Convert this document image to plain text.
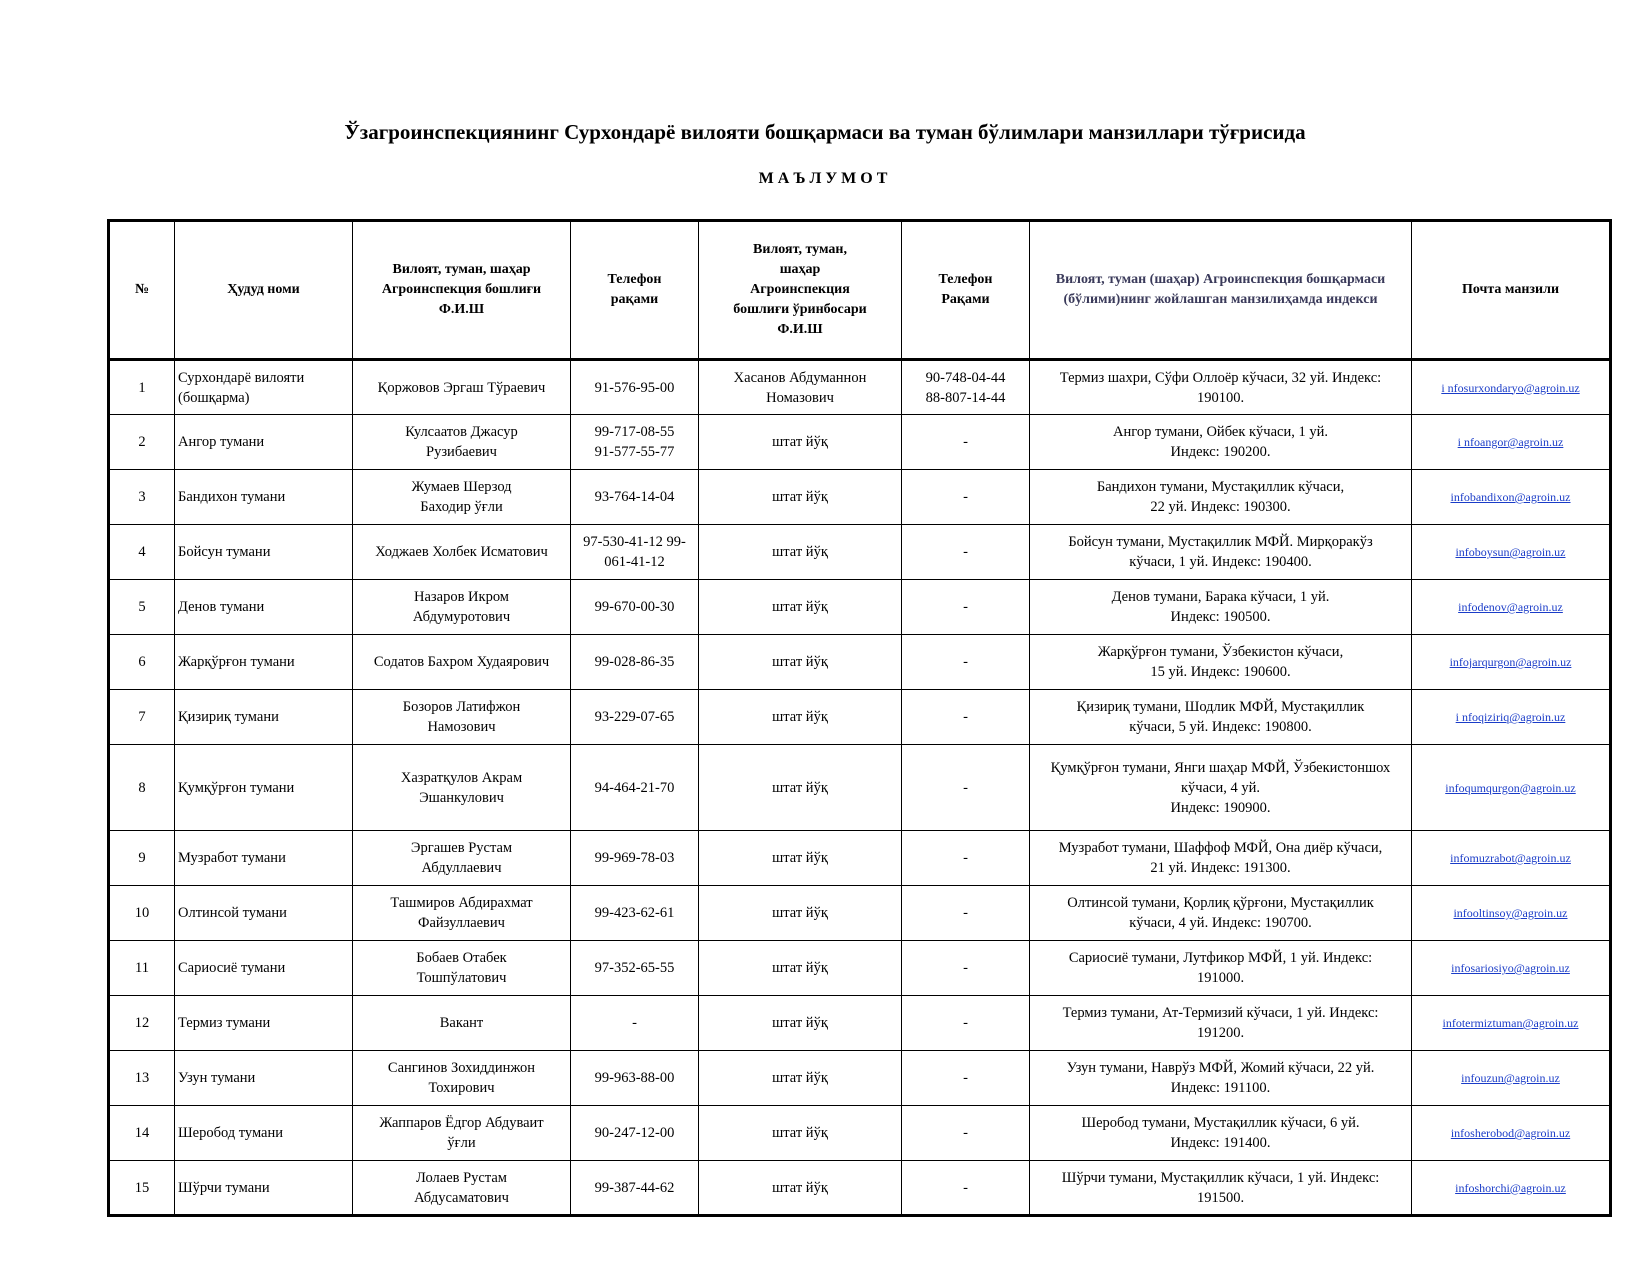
Ўзагроинспекциянинг Сурхондарё вилояти бошқармаси ва туман бўлимлари манзиллари тўғрисида
МАЪЛУМОТ
№	Ҳудуд номи	Вилоят, туман, шаҳар
Агроинспекция бошлиғи
Ф.И.Ш	Телефон
рақами	Вилоят, туман,
шаҳар
Агроинспекция
бошлиғи ўринбосари
Ф.И.Ш	Телефон
Рақами	Вилоят, туман (шаҳар) Агроинспекция бошқармаси (бўлими)нинг жойлашган манзилиҳамда индекси	Почта манзили
1	Сурхондарё вилояти (бошқарма)	Қоржовов Эргаш Тўраевич	91-576-95-00	Хасанов Абдуманнон
Номазович	90-748-04-44
88-807-14-44	Термиз шахри, Сўфи Оллоёр кўчаси, 32 уй. Индекс:
190100.	i nfosurxondaryo@agroin.uz
2	Ангор тумани	Кулсаатов Джасур
Рузибаевич	99-717-08-55
91-577-55-77	штат йўқ	-	Ангор тумани, Ойбек кўчаси, 1 уй.
Индекс: 190200.	i nfoangor@agroin.uz
3	Бандихон тумани	Жумаев Шерзод
Баходир ўғли	93-764-14-04	штат йўқ	-	Бандихон тумани, Мустақиллик кўчаси,
22 уй. Индекс: 190300.	infobandixon@agroin.uz
4	Бойсун тумани	Ходжаев Холбек Исматович	97-530-41-12 99-
061-41-12	штат йўқ	-	Бойсун тумани, Мустақиллик МФЙ. Мирқоракўз
кўчаси, 1 уй. Индекс: 190400.	infoboysun@agroin.uz
5	Денов тумани	Назаров Икром
Абдумуротович	99-670-00-30	штат йўқ	-	Денов тумани, Барака кўчаси, 1 уй.
Индекс: 190500.	infodenov@agroin.uz
6	Жарқўрғон тумани	Содатов Бахром Худаярович	99-028-86-35	штат йўқ	-	Жарқўрғон тумани, Ўзбекистон кўчаси,
15 уй. Индекс: 190600.	infojarqurgon@agroin.uz
7	Қизириқ тумани	Бозоров Латифжон
Намозович	93-229-07-65	штат йўқ	-	Қизириқ тумани, Шодлик МФЙ, Мустақиллик
кўчаси, 5 уй. Индекс: 190800.	i nfoqiziriq@agroin.uz
8	Қумқўрғон тумани	Хазратқулов Акрам
Эшанкулович	94-464-21-70	штат йўқ	-	Қумқўрғон тумани, Янги шаҳар МФЙ, Ўзбекистоншох
кўчаси, 4 уй.
Индекс: 190900.	infoqumqurgon@agroin.uz
9	Музработ тумани	Эргашев Рустам
Абдуллаевич	99-969-78-03	штат йўқ	-	Музработ тумани, Шаффоф МФЙ, Она диёр кўчаси,
21 уй. Индекс: 191300.	infomuzrabot@agroin.uz
10	Олтинсой тумани	Ташмиров Абдирахмат
Файзуллаевич	99-423-62-61	штат йўқ	-	Олтинсой тумани, Қорлиқ қўрғони, Мустақиллик
кўчаси, 4 уй. Индекс: 190700.	infooltinsoy@agroin.uz
11	Сариосиё тумани	Бобаев Отабек
Тошпўлатович	97-352-65-55	штат йўқ	-	Сариосиё тумани, Лутфикор МФЙ, 1 уй. Индекс:
191000.	infosariosiyo@agroin.uz
12	Термиз тумани	Вакант	-	штат йўқ	-	Термиз тумани, Ат-Термизий кўчаси, 1 уй. Индекс:
191200.	infotermiztuman@agroin.uz
13	Узун тумани	Сангинов Зохиддинжон
Тохирович	99-963-88-00	штат йўқ	-	Узун тумани, Наврўз МФЙ, Жомий кўчаси, 22 уй.
Индекс: 191100.	infouzun@agroin.uz
14	Шеробод тумани	Жаппаров Ёдгор Абдуваит
ўғли	90-247-12-00	штат йўқ	-	Шеробод тумани, Мустақиллик кўчаси, 6 уй.
Индекс: 191400.	infosherobod@agroin.uz
15	Шўрчи тумани	Лолаев Рустам
Абдусаматович	99-387-44-62	штат йўқ	-	Шўрчи тумани, Мустақиллик кўчаси, 1 уй. Индекс:
191500.	infoshorchi@agroin.uz
